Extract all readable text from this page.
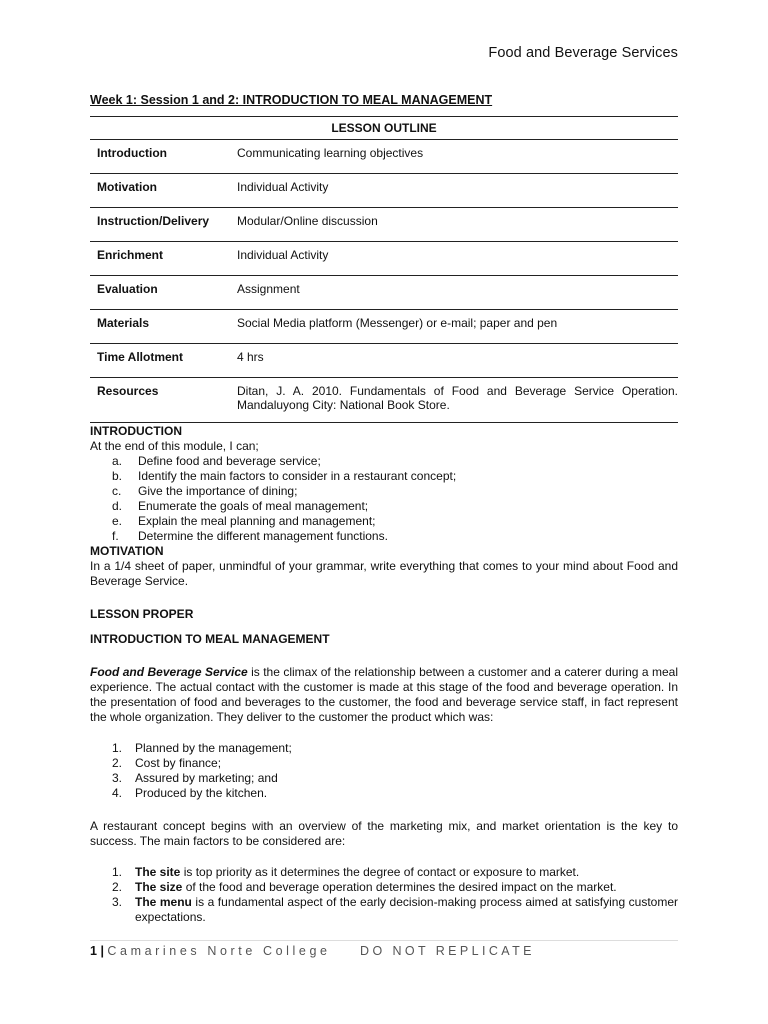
Food and Beverage Services
Week 1: Session 1 and 2: INTRODUCTION TO MEAL MANAGEMENT
LESSON OUTLINE	
Introduction	Communicating learning objectives
Motivation	Individual Activity
Instruction/Delivery	Modular/Online discussion
Enrichment	Individual Activity
Evaluation	Assignment
Materials	Social Media platform (Messenger) or e-mail; paper and pen
Time Allotment	4 hrs
Resources	Ditan, J. A. 2010. Fundamentals of Food and Beverage Service Operation. Mandaluyong City: National Book Store.
INTRODUCTION

At the end of this module, I can;

a.	Define food and beverage service;
b.	Identify the main factors to consider in a restaurant concept;
c.	Give the importance of dining;
d.	Enumerate the goals of meal management;
e.	Explain the meal planning and management;
f.	Determine the different management functions.
MOTIVATION

In a 1/4 sheet of paper, unmindful of your grammar, write everything that comes to your mind about Food and Beverage Service.

LESSON PROPER
INTRODUCTION TO MEAL MANAGEMENT

Food and Beverage Service is the climax of the relationship between a customer and a caterer during a meal experience. The actual contact with the customer is made at this stage of the food and beverage operation. In the presentation of food and beverages to the customer, the food and beverage service staff, in fact represent the whole organization. They deliver to the customer the product which was:

1.	Planned by the management;
2.	Cost by finance;
3.	Assured by marketing; and
4.	Produced by the kitchen.

A restaurant concept begins with an overview of the marketing mix, and market orientation is the key to success. The main factors to be considered are:

1.	The site is top priority as it determines the degree of contact or exposure to market.
2.	The size of the food and beverage operation determines the desired impact on the market.
3.	The menu is a fundamental aspect of the early decision-making process aimed at satisfying customer expectations.
1 | Camarines Norte College DO NOT REPLICATE
